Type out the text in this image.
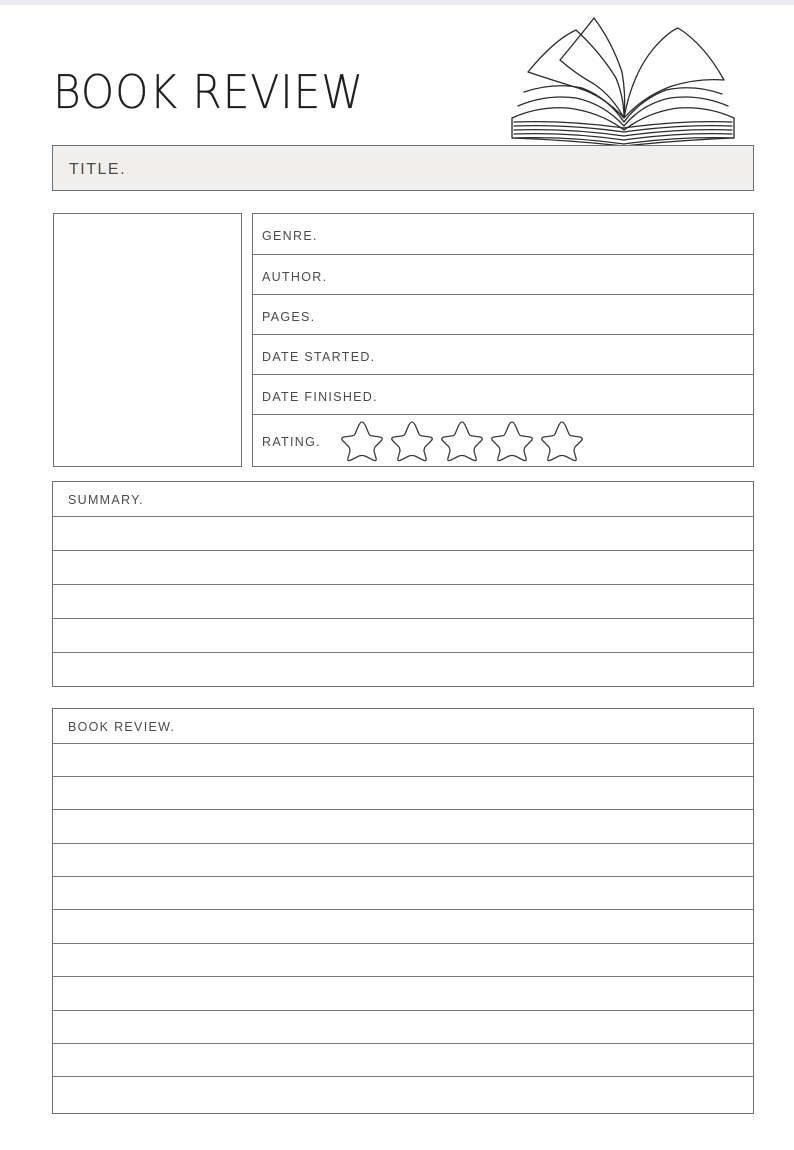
BOOK REVIEW
TITLE.
GENRE.
AUTHOR.
PAGES.
DATE STARTED.
DATE FINISHED.
RATING.
SUMMARY.
BOOK REVIEW.
